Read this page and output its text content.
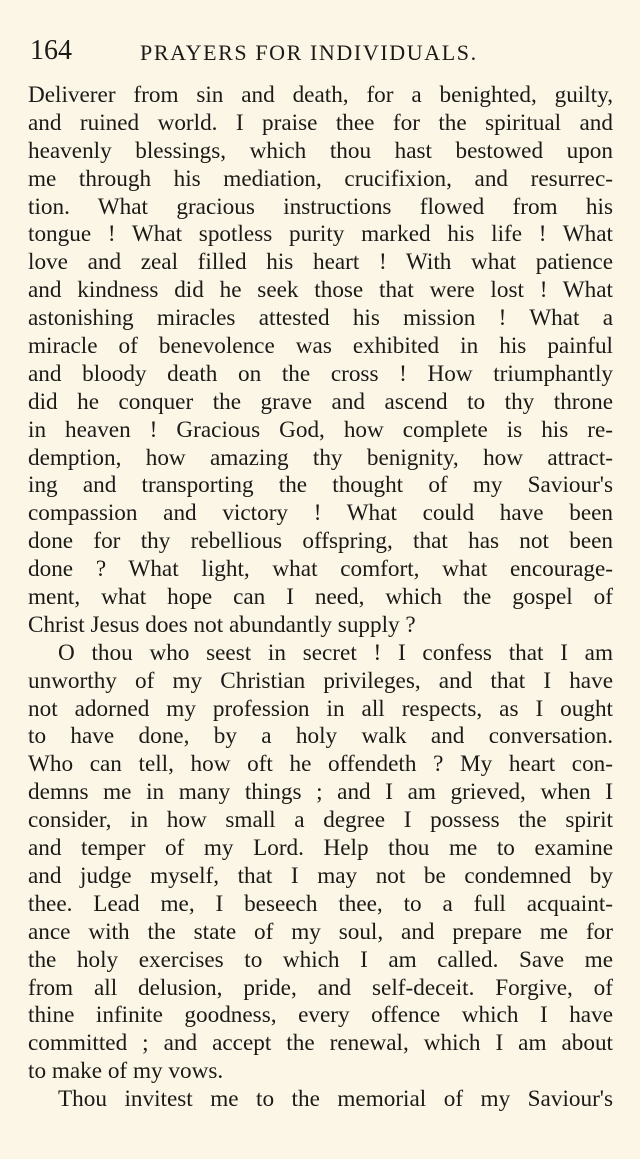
164	PRAYERS FOR INDIVIDUALS.
Deliverer from sin and death, for a benighted, guilty,
and ruined world. I praise thee for the spiritual and
heavenly blessings, which thou hast bestowed upon
me through his mediation, crucifixion, and resurrec-
tion. What gracious instructions flowed from his
tongue ! What spotless purity marked his life ! What
love and zeal filled his heart ! With what patience
and kindness did he seek those that were lost ! What
astonishing miracles attested his mission ! What a
miracle of benevolence was exhibited in his painful
and bloody death on the cross ! How triumphantly
did he conquer the grave and ascend to thy throne
in heaven ! Gracious God, how complete is his re-
demption, how amazing thy benignity, how attract-
ing and transporting the thought of my Saviour's
compassion and victory ! What could have been
done for thy rebellious offspring, that has not been
done ? What light, what comfort, what encourage-
ment, what hope can I need, which the gospel of
Christ Jesus does not abundantly supply ?
O thou who seest in secret ! I confess that I am
unworthy of my Christian privileges, and that I have
not adorned my profession in all respects, as I ought
to have done, by a holy walk and conversation.
Who can tell, how oft he offendeth ? My heart con-
demns me in many things ; and I am grieved, when I
consider, in how small a degree I possess the spirit
and temper of my Lord. Help thou me to examine
and judge myself, that I may not be condemned by
thee. Lead me, I beseech thee, to a full acquaint-
ance with the state of my soul, and prepare me for
the holy exercises to which I am called. Save me
from all delusion, pride, and self-deceit. Forgive, of
thine infinite goodness, every offence which I have
committed ; and accept the renewal, which I am about
to make of my vows.
Thou invitest me to the memorial of my Saviour's
